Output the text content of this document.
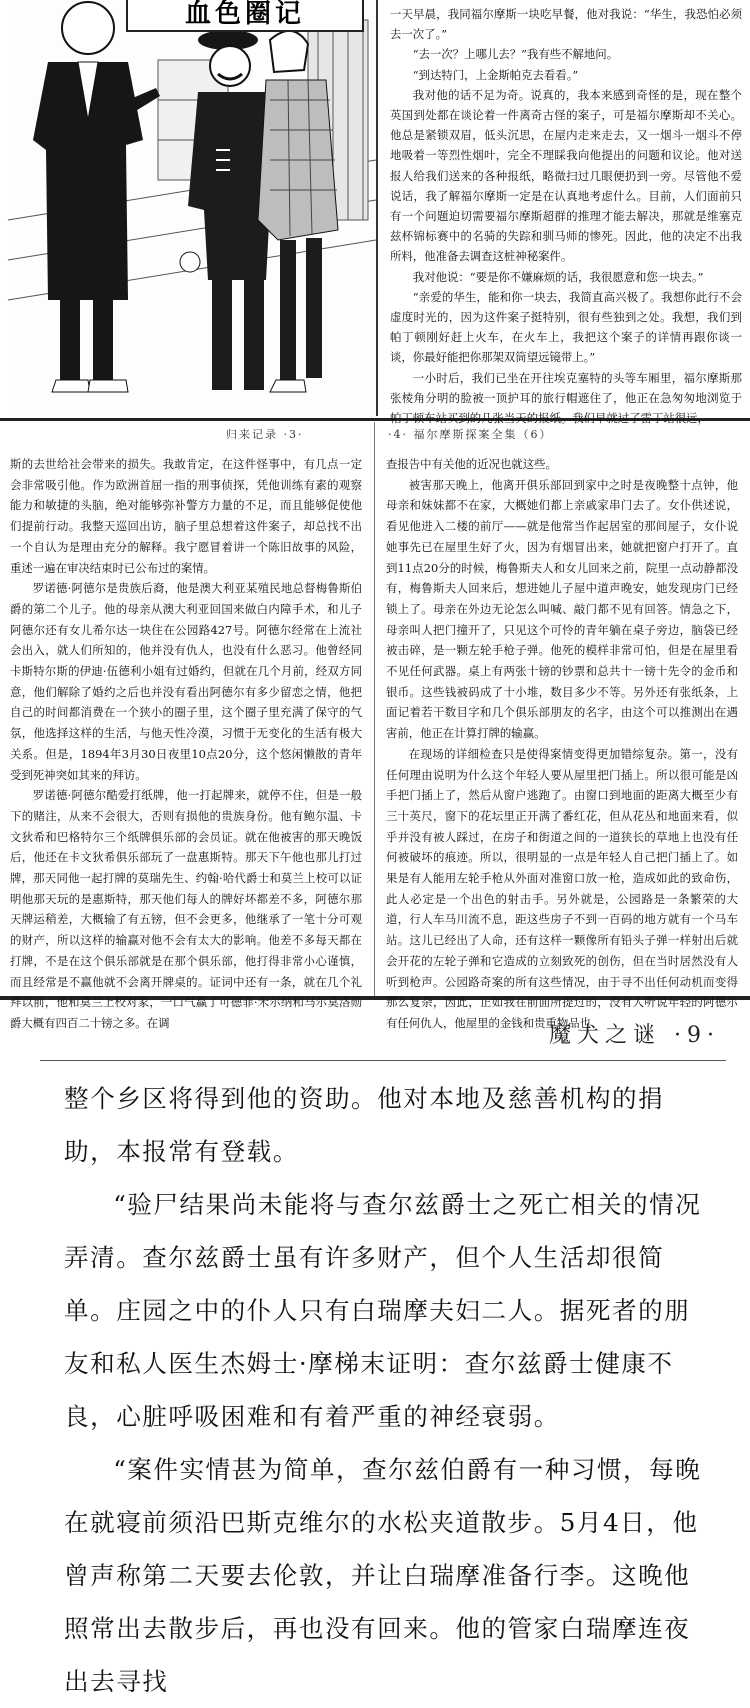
血色圈记	一天早晨，我同福尔摩斯一块吃早餐，他对我说：“华生，我恐怕必须去一次了。”

“去一次？上哪儿去？”我有些不解地问。

“到达特门，上金斯帕克去看看。”

我对他的话不足为奇。说真的，我本来感到奇怪的是，现在整个英国到处都在谈论着一件离奇古怪的案子，可是福尔摩斯却不关心。他总是紧锁双眉，低头沉思，在屋内走来走去，又一烟斗一烟斗不停地吸着一等烈性烟叶，完全不理睬我向他提出的问题和议论。他对送报人给我们送来的各种报纸，略微扫过几眼便扔到一旁。尽管他不爱说话，我了解福尔摩斯一定是在认真地考虑什么。目前，人们面前只有一个问题迫切需要福尔摩斯超群的推理才能去解决，那就是维塞克兹杯锦标赛中的名骑的失踪和驯马师的惨死。因此，他的决定不出我所料，他准备去调查这桩神秘案件。

我对他说：“要是你不嫌麻烦的话，我很愿意和您一块去。”

“亲爱的华生，能和你一块去，我简直高兴极了。我想你此行不会虚度时光的，因为这件案子挺特别，很有些独到之处。我想，我们到帕丁顿刚好赶上火车，在火车上，我把这个案子的详情再跟你谈一谈，你最好能把你那架双筒望远镜带上。”

一小时后，我们已坐在开往埃克塞特的头等车厢里，福尔摩斯那张棱角分明的脸被一顶护耳的旅行帽遮住了，他正在急匆匆地浏览于帕丁顿车站买到的几张当天的报纸。我们早就过了雷丁站很远，

归来记录 ·3·	·4· 福尔摩斯探案全集（6）

斯的去世给社会带来的损失。我敢肯定，在这件怪事中，有几点一定会非常吸引他。作为欧洲首屈一指的刑事侦探，凭他训练有素的观察能力和敏捷的头脑，绝对能够弥补警方力量的不足，而且能够促使他们提前行动。我整天巡回出访，脑子里总想着这件案子，却总找不出一个自认为是理由充分的解释。我宁愿冒着讲一个陈旧故事的风险，重述一遍在审决结束时已公布过的案情。

罗诺德·阿德尔是贵族后裔，他是澳大利亚某殖民地总督梅鲁斯伯爵的第二个儿子。他的母亲从澳大利亚回国来做白内障手术，和儿子阿德尔还有女儿希尔达一块住在公园路427号。阿德尔经常在上流社会出入，就人们所知的，他并没有仇人，也没有什么恶习。他曾经同卡斯特尔斯的伊迪·伍德利小姐有过婚约，但就在几个月前，经双方同意，他们解除了婚约之后也并没有看出阿德尔有多少留恋之情，他把自己的时间都消费在一个狭小的圈子里，这个圈子里充满了保守的气氛，他选择这样的生活，与他天性冷漠，习惯于无变化的生活有极大关系。但是，1894年3月30日夜里10点20分，这个悠闲懒散的青年受到死神突如其来的拜访。

罗诺德·阿德尔酷爱打纸牌，他一打起牌来，就停不住，但是一般下的赌注，从来不会很大，否则有损他的贵族身份。他有鲍尔温、卡文狄希和巴格特尔三个纸牌俱乐部的会员证。就在他被害的那天晚饭后，他还在卡文狄希俱乐部玩了一盘惠斯特。那天下午他也那儿打过牌，那天同他一起打牌的莫瑞先生、约翰·哈代爵士和莫兰上校可以证明他那天玩的是惠斯特，那天他们每人的牌好坏都差不多，阿德尔那天牌运稍差，大概输了有五镑，但不会更多，他继承了一笔十分可观的财产，所以这样的输赢对他不会有太大的影响。他差不多每天都在打牌，不是在这个俱乐部就是在那个俱乐部，他打得非常小心谨慎，而且经常是不赢他就不会离开牌桌的。证词中还有一条，就在几个礼拜以前，他和莫兰上校对家，一口气赢了可德菲·米尔纳和马尔莫洛勋爵大概有四百二十镑之多。在调

查报告中有关他的近况也就这些。

被害那天晚上，他离开俱乐部回到家中之时是夜晚整十点钟，他母亲和妹妹都不在家，大概她们都上亲戚家串门去了。女仆供述说，看见他进入二楼的前厅——就是他常当作起居室的那间屋子，女仆说她事先已在屋里生好了火，因为有烟冒出来，她就把窗户打开了。直到11点20分的时候，梅鲁斯夫人和女儿回来之前，院里一点动静都没有，梅鲁斯夫人回来后，想进她儿子屋中道声晚安，她发现房门已经锁上了。母亲在外边无论怎么叫喊、敲门都不见有回答。情急之下，母亲叫人把门撞开了，只见这个可怜的青年躺在桌子旁边，脑袋已经被击碎，是一颗左轮手枪子弹。他死的模样非常可怕，但是在屋里看不见任何武器。桌上有两张十镑的钞票和总共十一镑十先令的金币和银币。这些钱被码成了十小堆，数目多少不等。另外还有张纸条，上面记着若干数目字和几个俱乐部朋友的名字，由这个可以推测出在遇害前，他正在计算打牌的输赢。

在现场的详细检查只是使得案情变得更加错综复杂。第一，没有任何理由说明为什么这个年轻人要从屋里把门插上。所以很可能是凶手把门插上了，然后从窗户逃跑了。由窗口到地面的距离大概至少有三十英尺，窗下的花坛里正开满了番红花，但从花丛和地面来看，似乎并没有被人踩过，在房子和街道之间的一道狭长的草地上也没有任何被破坏的痕迹。所以，很明显的一点是年轻人自己把门插上了。如果是有人能用左轮手枪从外面对准窗口放一枪，造成如此的致命伤，此人必定是一个出色的射击手。另外就是，公园路是一条繁荣的大道，行人车马川流不息，距这些房子不到一百码的地方就有一个马车站。这儿已经出了人命，还有这样一颗像所有铅头子弹一样射出后就会开花的左轮子弹和它造成的立刻致死的创伤，但在当时居然没有人听到枪声。公园路奇案的所有这些情况，由于寻不出任何动机而变得那么复杂，因此，正如我在前面所提过的，没有人听说年轻的阿德尔有任何仇人，他屋里的金钱和贵重物品也

魔犬之谜 ·9·

整个乡区将得到他的资助。他对本地及慈善机构的捐助，本报常有登载。

“验尸结果尚未能将与查尔兹爵士之死亡相关的情况弄清。查尔兹爵士虽有许多财产，但个人生活却很简单。庄园之中的仆人只有白瑞摩夫妇二人。据死者的朋友和私人医生杰姆士·摩梯末证明：查尔兹爵士健康不良，心脏呼吸困难和有着严重的神经衰弱。

“案件实情甚为简单，查尔兹伯爵有一种习惯，每晚在就寝前须沿巴斯克维尔的水松夹道散步。5月4日，他曾声称第二天要去伦敦，并让白瑞摩准备行李。这晚他照常出去散步后，再也没有回来。他的管家白瑞摩连夜出去寻找
